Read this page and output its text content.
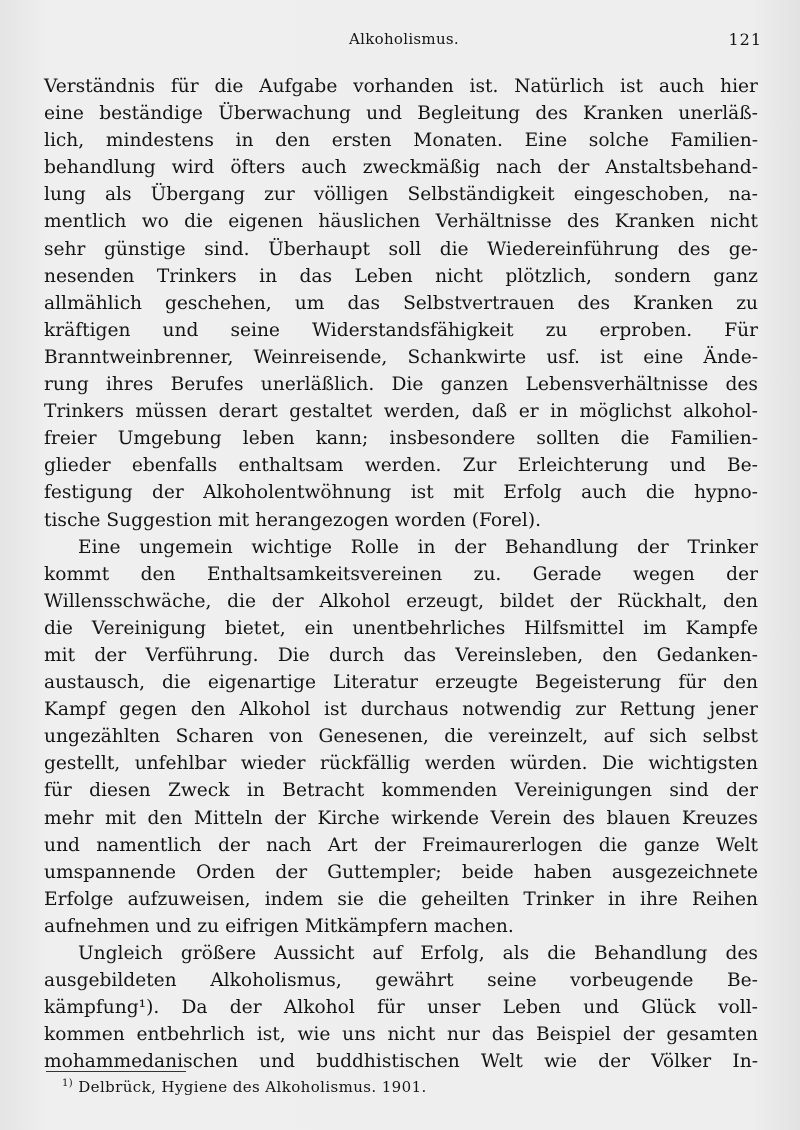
Alkoholismus.	121
Verständnis für die Aufgabe vorhanden ist. Natürlich ist auch hier
eine beständige Überwachung und Begleitung des Kranken unerläß-
lich, mindestens in den ersten Monaten. Eine solche Familien-
behandlung wird öfters auch zweckmäßig nach der Anstaltsbehand-
lung als Übergang zur völligen Selbständigkeit eingeschoben, na-
mentlich wo die eigenen häuslichen Verhältnisse des Kranken nicht
sehr günstige sind. Überhaupt soll die Wiedereinführung des ge-
nesenden Trinkers in das Leben nicht plötzlich, sondern ganz
allmählich geschehen, um das Selbstvertrauen des Kranken zu
kräftigen und seine Widerstandsfähigkeit zu erproben. Für
Branntweinbrenner, Weinreisende, Schankwirte usf. ist eine Ände-
rung ihres Berufes unerläßlich. Die ganzen Lebensverhältnisse des
Trinkers müssen derart gestaltet werden, daß er in möglichst alkohol-
freier Umgebung leben kann; insbesondere sollten die Familien-
glieder ebenfalls enthaltsam werden. Zur Erleichterung und Be-
festigung der Alkoholentwöhnung ist mit Erfolg auch die hypno-
tische Suggestion mit herangezogen worden (Forel).
Eine ungemein wichtige Rolle in der Behandlung der Trinker
kommt den Enthaltsamkeitsvereinen zu. Gerade wegen der
Willensschwäche, die der Alkohol erzeugt, bildet der Rückhalt, den
die Vereinigung bietet, ein unentbehrliches Hilfsmittel im Kampfe
mit der Verführung. Die durch das Vereinsleben, den Gedanken-
austausch, die eigenartige Literatur erzeugte Begeisterung für den
Kampf gegen den Alkohol ist durchaus notwendig zur Rettung jener
ungezählten Scharen von Genesenen, die vereinzelt, auf sich selbst
gestellt, unfehlbar wieder rückfällig werden würden. Die wichtigsten
für diesen Zweck in Betracht kommenden Vereinigungen sind der
mehr mit den Mitteln der Kirche wirkende Verein des blauen Kreuzes
und namentlich der nach Art der Freimaurerlogen die ganze Welt
umspannende Orden der Guttempler; beide haben ausgezeichnete
Erfolge aufzuweisen, indem sie die geheilten Trinker in ihre Reihen
aufnehmen und zu eifrigen Mitkämpfern machen.
Ungleich größere Aussicht auf Erfolg, als die Behandlung des
ausgebildeten Alkoholismus, gewährt seine vorbeugende Be-
kämpfung¹). Da der Alkohol für unser Leben und Glück voll-
kommen entbehrlich ist, wie uns nicht nur das Beispiel der gesamten
mohammedanischen und buddhistischen Welt wie der Völker In-
$^{1)}$ Delbrück, Hygiene des Alkoholismus. 1901.
